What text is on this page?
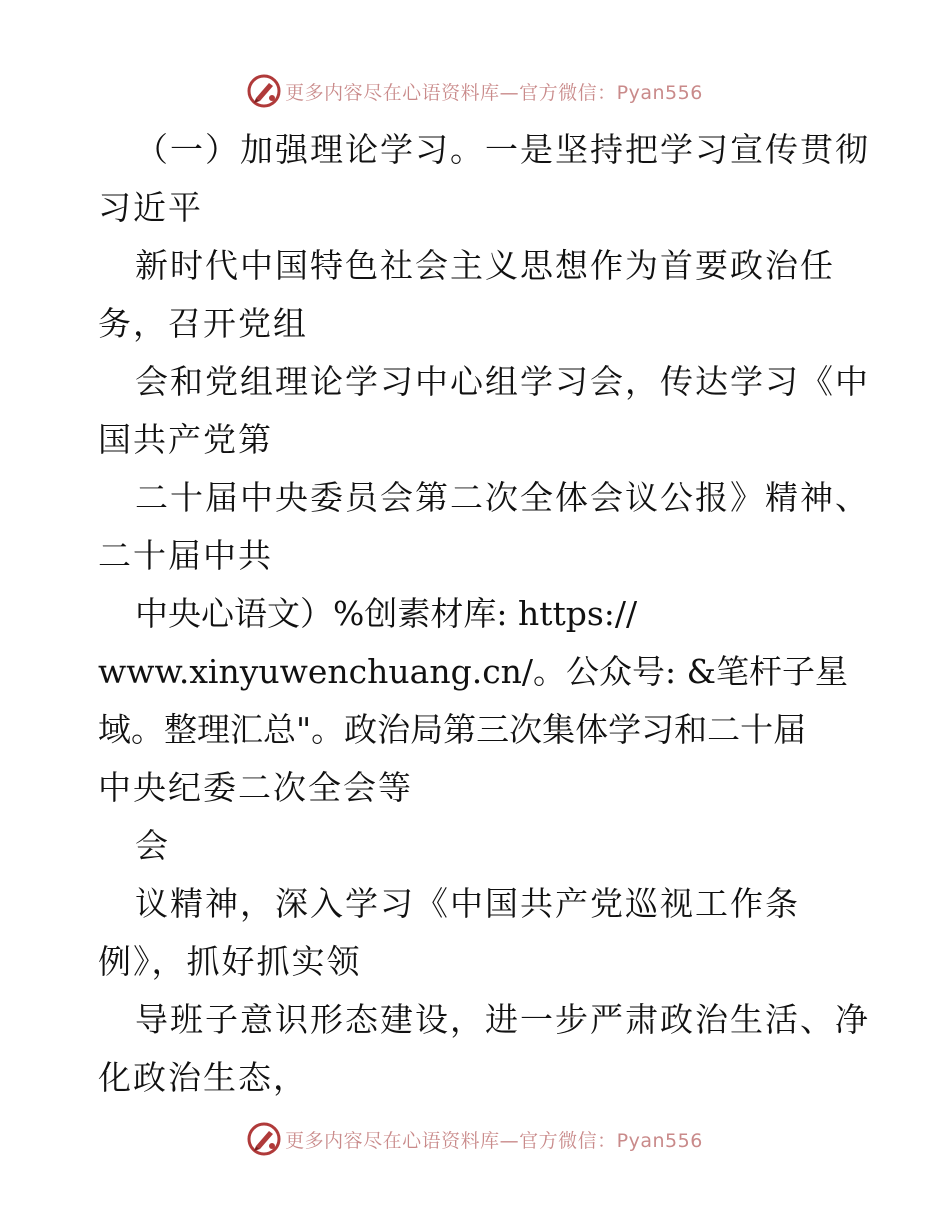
更多内容尽在心语资料库—官方微信：Pyan556
（一）加强理论学习。一是坚持把学习宣传贯彻
习近平
新时代中国特色社会主义思想作为首要政治任
务，召开党组
会和党组理论学习中心组学习会，传达学习《中
国共产党第
二十届中央委员会第二次全体会议公报》精神、
二十届中共
中央心语文）%创素材库: https://
www.xinyuwenchuang.cn/。公众号: &笔杆子星
域。整理汇总"。政治局第三次集体学习和二十届
中央纪委二次全会等
会
议精神，深入学习《中国共产党巡视工作条
例》，抓好抓实领
导班子意识形态建设，进一步严肃政治生活、净
化政治生态，
更多内容尽在心语资料库—官方微信：Pyan556
